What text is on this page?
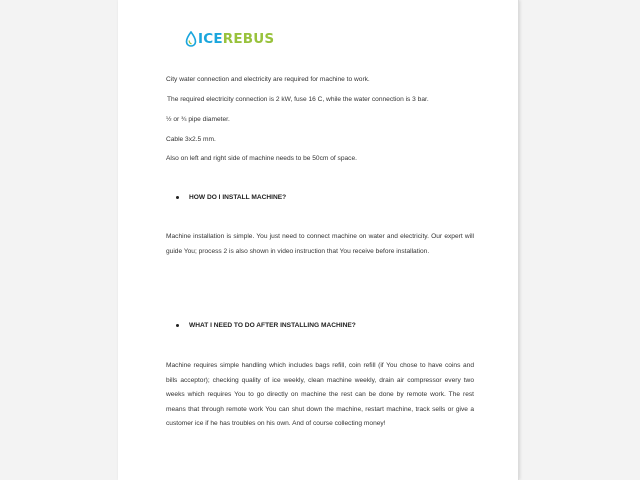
ICE REBUS

City water connection and electricity are required for machine to work.

The required electricity connection is 2 kW, fuse 16 C, while the water connection is 3 bar.

½ or ¾ pipe diameter.

Cable 3x2.5 mm.

Also on left and right side of machine needs to be 50cm of space.

HOW DO I INSTALL MACHINE?

Machine installation is simple. You just need to connect machine on water and electricity. Our expert will guide You; process 2 is also shown in video instruction that You receive before installation.

WHAT I NEED TO DO AFTER INSTALLING MACHINE?

Machine requires simple handling which includes bags refill, coin refill (if You chose to have coins and bills acceptor); checking quality of ice weekly, clean machine weekly, drain air compressor every two weeks which requires You to go directly on machine the rest can be done by remote work. The rest means that through remote work You can shut down the machine, restart machine, track sells or give a customer ice if he has troubles on his own. And of course collecting money!
